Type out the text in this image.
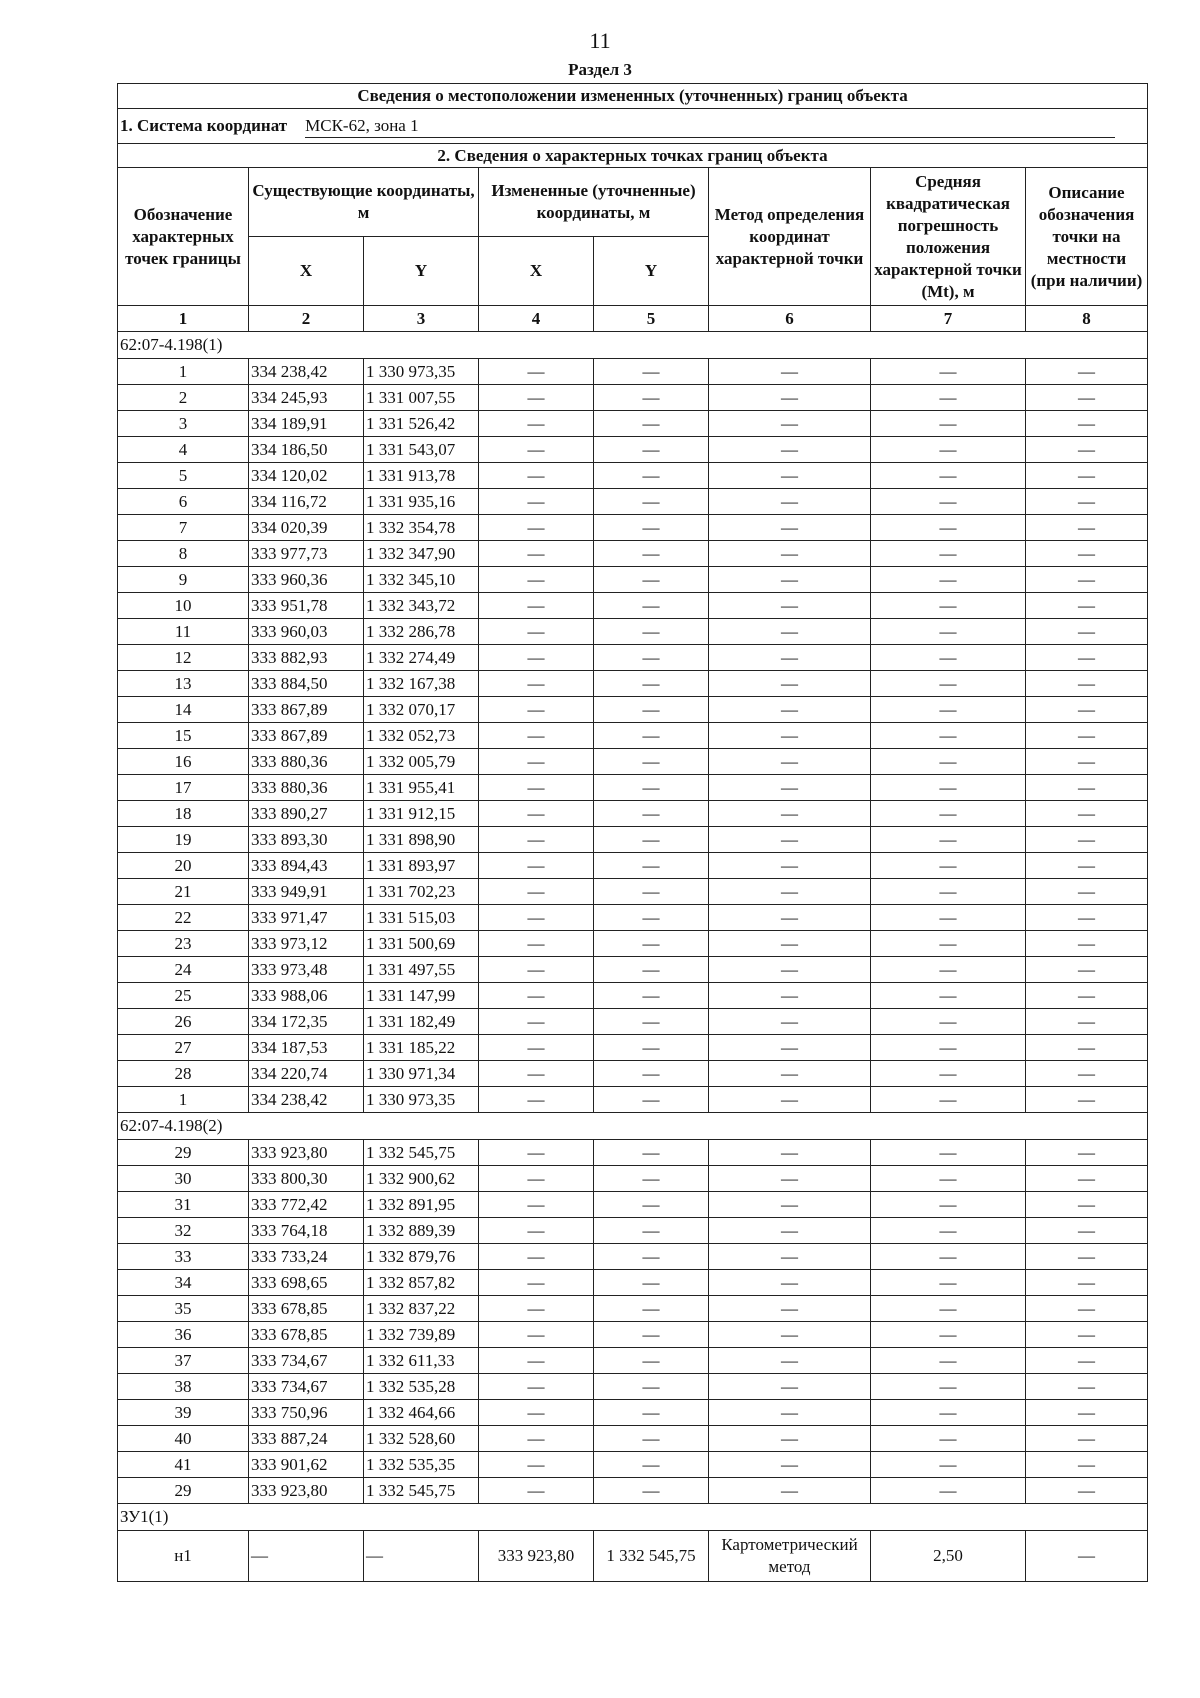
11
Раздел 3
Сведения о местоположении измененных (уточненных) границ объекта							
1. Система координат МСК-62, зона 1							
2. Сведения о характерных точках границ объекта							
Обозначение характерных точек границы	Существующие координаты, м		Измененные (уточненные) координаты, м		Метод определения координат характерной точки	Средняя квадратическая погрешность положения характерной точки (Mt), м	Описание обозначения точки на местности (при наличии)
	X	Y	X	Y			
1	2	3	4	5	6	7	8
62:07-4.198(1)							
1	334 238,42	1 330 973,35	—	—	—	—	—
2	334 245,93	1 331 007,55	—	—	—	—	—
3	334 189,91	1 331 526,42	—	—	—	—	—
4	334 186,50	1 331 543,07	—	—	—	—	—
5	334 120,02	1 331 913,78	—	—	—	—	—
6	334 116,72	1 331 935,16	—	—	—	—	—
7	334 020,39	1 332 354,78	—	—	—	—	—
8	333 977,73	1 332 347,90	—	—	—	—	—
9	333 960,36	1 332 345,10	—	—	—	—	—
10	333 951,78	1 332 343,72	—	—	—	—	—
11	333 960,03	1 332 286,78	—	—	—	—	—
12	333 882,93	1 332 274,49	—	—	—	—	—
13	333 884,50	1 332 167,38	—	—	—	—	—
14	333 867,89	1 332 070,17	—	—	—	—	—
15	333 867,89	1 332 052,73	—	—	—	—	—
16	333 880,36	1 332 005,79	—	—	—	—	—
17	333 880,36	1 331 955,41	—	—	—	—	—
18	333 890,27	1 331 912,15	—	—	—	—	—
19	333 893,30	1 331 898,90	—	—	—	—	—
20	333 894,43	1 331 893,97	—	—	—	—	—
21	333 949,91	1 331 702,23	—	—	—	—	—
22	333 971,47	1 331 515,03	—	—	—	—	—
23	333 973,12	1 331 500,69	—	—	—	—	—
24	333 973,48	1 331 497,55	—	—	—	—	—
25	333 988,06	1 331 147,99	—	—	—	—	—
26	334 172,35	1 331 182,49	—	—	—	—	—
27	334 187,53	1 331 185,22	—	—	—	—	—
28	334 220,74	1 330 971,34	—	—	—	—	—
1	334 238,42	1 330 973,35	—	—	—	—	—
62:07-4.198(2)							
29	333 923,80	1 332 545,75	—	—	—	—	—
30	333 800,30	1 332 900,62	—	—	—	—	—
31	333 772,42	1 332 891,95	—	—	—	—	—
32	333 764,18	1 332 889,39	—	—	—	—	—
33	333 733,24	1 332 879,76	—	—	—	—	—
34	333 698,65	1 332 857,82	—	—	—	—	—
35	333 678,85	1 332 837,22	—	—	—	—	—
36	333 678,85	1 332 739,89	—	—	—	—	—
37	333 734,67	1 332 611,33	—	—	—	—	—
38	333 734,67	1 332 535,28	—	—	—	—	—
39	333 750,96	1 332 464,66	—	—	—	—	—
40	333 887,24	1 332 528,60	—	—	—	—	—
41	333 901,62	1 332 535,35	—	—	—	—	—
29	333 923,80	1 332 545,75	—	—	—	—	—
ЗУ1(1)							
н1	—	—	333 923,80	1 332 545,75	Картометрический метод	2,50	—
